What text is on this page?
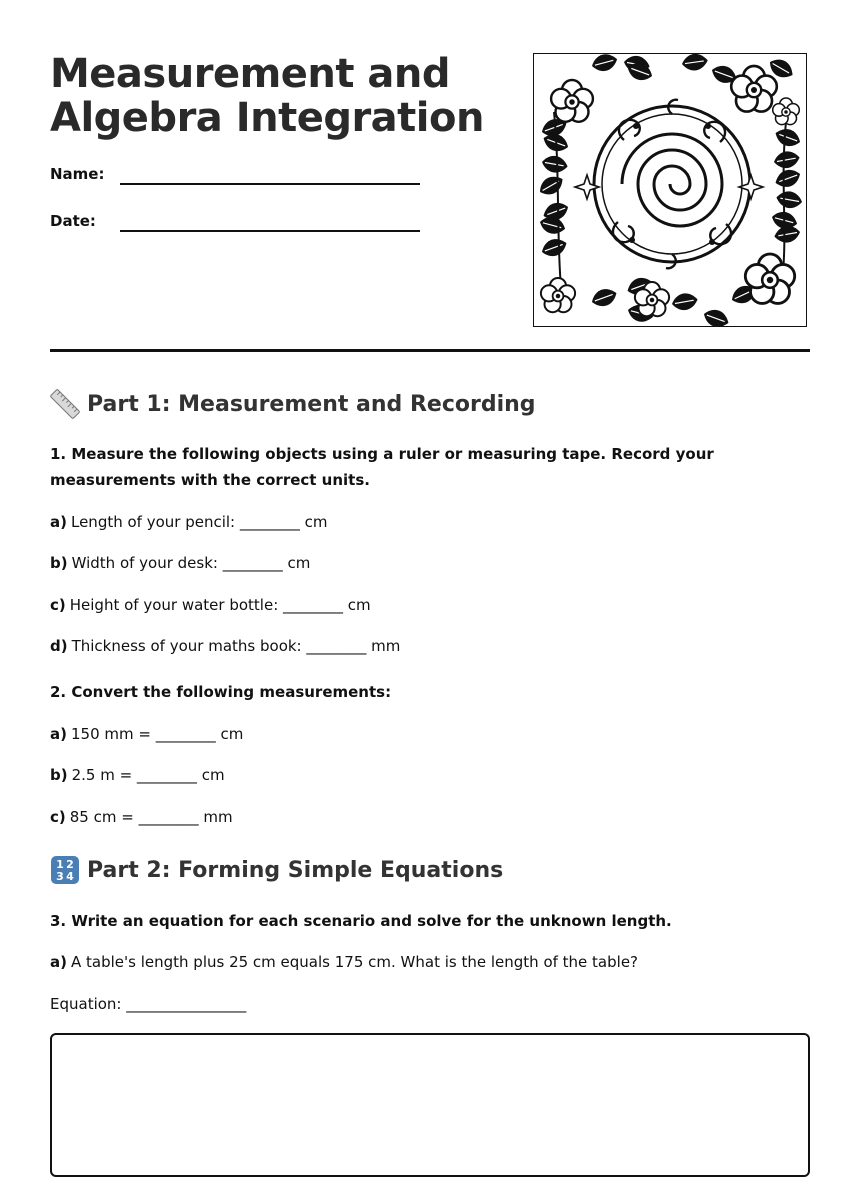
Measurement and
Algebra Integration
Name:
Date:
Part 1: Measurement and Recording
1. Measure the following objects using a ruler or measuring tape. Record your measurements with the correct units.
a) Length of your pencil: ________ cm
b) Width of your desk: ________ cm
c) Height of your water bottle: ________ cm
d) Thickness of your maths book: ________ mm
2. Convert the following measurements:
a) 150 mm = ________ cm
b) 2.5 m = ________ cm
c) 85 cm = ________ mm
1 2
3 4 Part 2: Forming Simple Equations
3. Write an equation for each scenario and solve for the unknown length.
a) A table's length plus 25 cm equals 175 cm. What is the length of the table?
Equation: ________________
